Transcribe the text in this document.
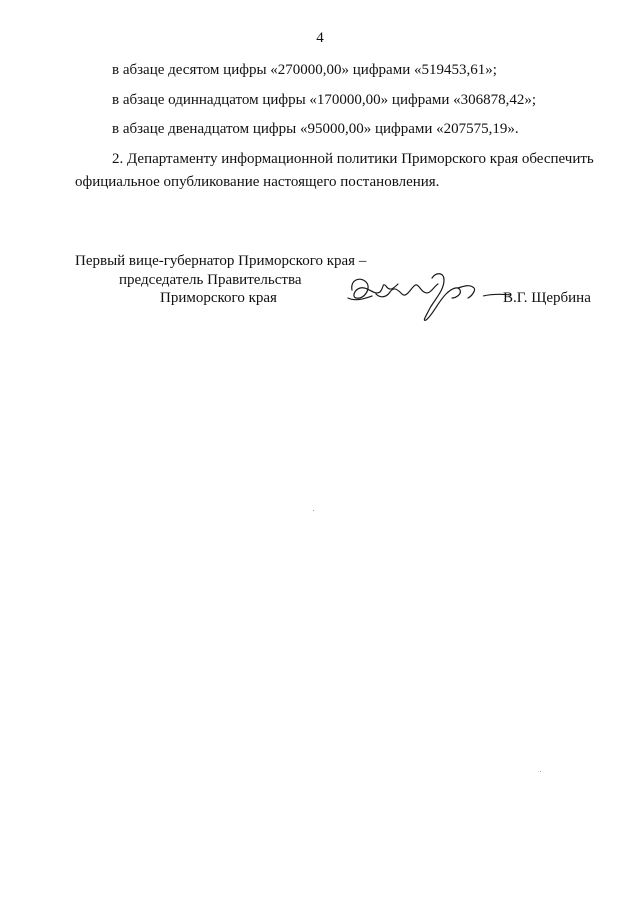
4
в абзаце десятом цифры «270000,00» цифрами «519453,61»;
в абзаце одиннадцатом цифры «170000,00» цифрами «306878,42»;
в абзаце двенадцатом цифры «95000,00» цифрами «207575,19».
2. Департаменту информационной политики Приморского края обеспечить
официальное опубликование настоящего постановления.
Первый вице-губернатор Приморского края –
председатель Правительства
Приморского края	В.Г. Щербина
